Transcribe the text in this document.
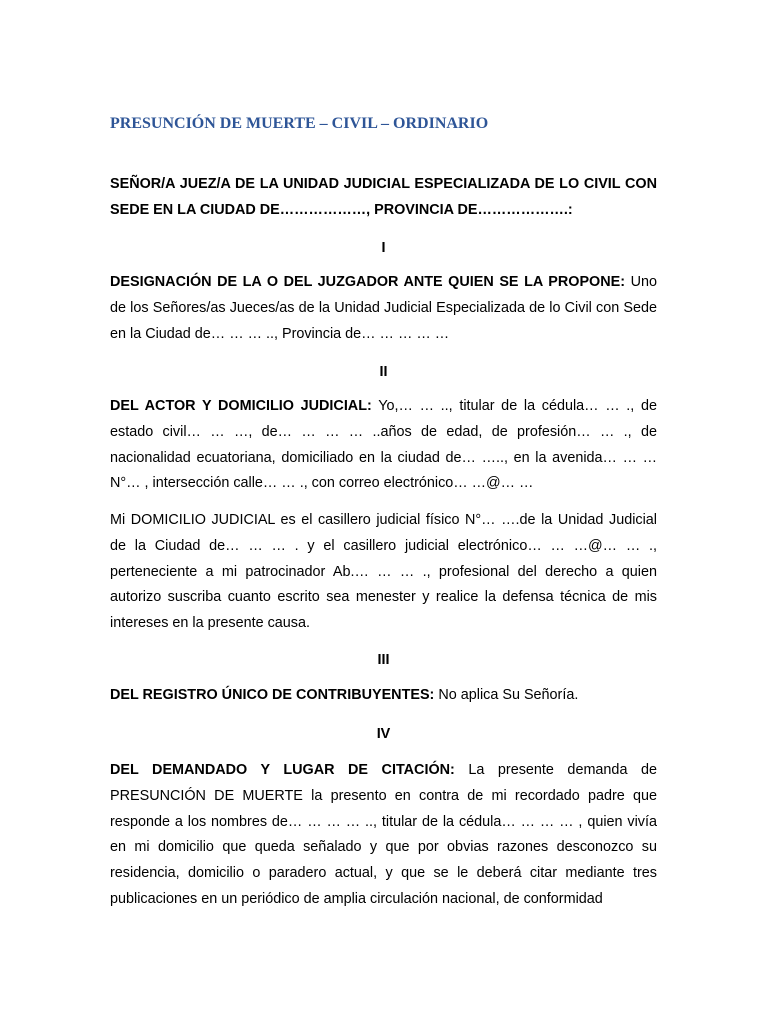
PRESUNCIÓN DE MUERTE – CIVIL – ORDINARIO

SEÑOR/A JUEZ/A DE LA UNIDAD JUDICIAL ESPECIALIZADA DE LO CIVIL CON SEDE EN LA CIUDAD DE………………, PROVINCIA DE……………….:

I

DESIGNACIÓN DE LA O DEL JUZGADOR ANTE QUIEN SE LA PROPONE: Uno de los Señores/as Jueces/as de la Unidad Judicial Especializada de lo Civil con Sede en la Ciudad de… … … .., Provincia de… … … … …

II

DEL ACTOR Y DOMICILIO JUDICIAL: Yo,… … .., titular de la cédula… … ., de estado civil… … …, de… … … … ..años de edad, de profesión… … ., de nacionalidad ecuatoriana, domiciliado en la ciudad de… ….., en la avenida… … … N°… , intersección calle… … ., con correo electrónico… …@… …

Mi DOMICILIO JUDICIAL es el casillero judicial físico N°… ….de la Unidad Judicial de la Ciudad de… … … . y el casillero judicial electrónico… … …@… … ., perteneciente a mi patrocinador Ab.… … … ., profesional del derecho a quien autorizo suscriba cuanto escrito sea menester y realice la defensa técnica de mis intereses en la presente causa.

III

DEL REGISTRO ÚNICO DE CONTRIBUYENTES: No aplica Su Señoría.

IV

DEL DEMANDADO Y LUGAR DE CITACIÓN: La presente demanda de PRESUNCIÓN DE MUERTE la presento en contra de mi recordado padre que responde a los nombres de… … … … .., titular de la cédula… … … … , quien vivía en mi domicilio que queda señalado y que por obvias razones desconozco su residencia, domicilio o paradero actual, y que se le deberá citar mediante tres publicaciones en un periódico de amplia circulación nacional, de conformidad
